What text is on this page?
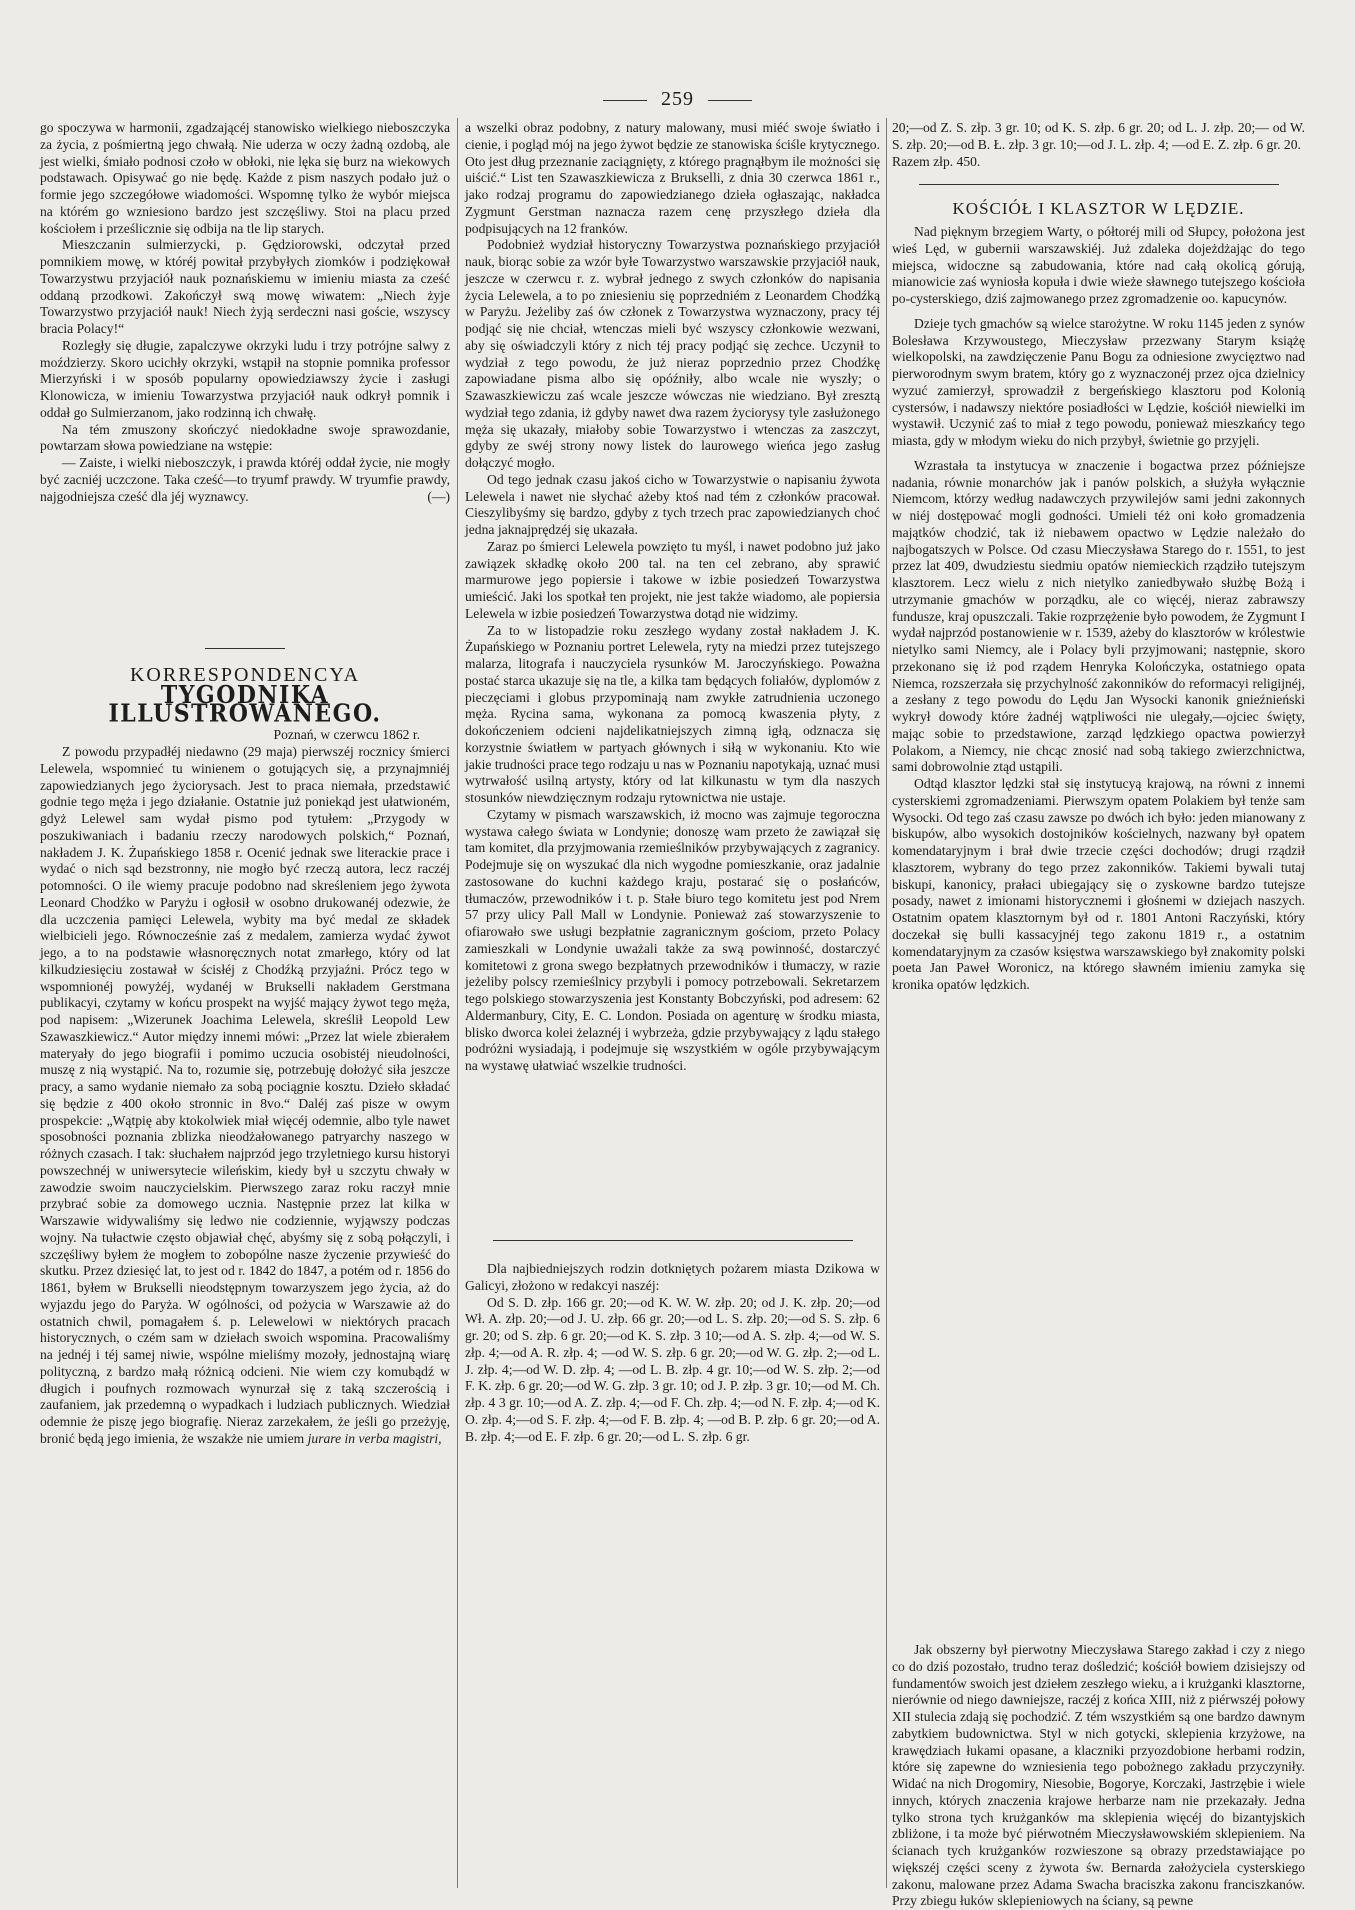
259

go spoczywa w harmonii, zgadzającéj stanowisko wielkiego nieboszczyka za życia, z pośmiertną jego chwałą. Nie uderza w oczy żadną ozdobą, ale jest wielki, śmiało podnosi czoło w obłoki, nie lęka się burz na wiekowych podstawach. Opisywać go nie będę. Każde z pism naszych podało już o formie jego szczegółowe wiadomości. Wspomnę tylko że wybór miejsca na którém go wzniesiono bardzo jest szczęśliwy. Stoi na placu przed kościołem i prześlicznie się odbija na tle lip starych.

Mieszczanin sulmierzycki, p. Gędziorowski, odczytał przed pomnikiem mowę, w któréj powitał przybyłych ziomków i podziękował Towarzystwu przyjaciół nauk poznańskiemu w imieniu miasta za cześć oddaną przodkowi. Zakończył swą mowę wiwatem: „Niech żyje Towarzystwo przyjaciół nauk! Niech żyją serdeczni nasi goście, wszyscy bracia Polacy!“

Rozległy się długie, zapalczywe okrzyki ludu i trzy potrójne salwy z moździerzy. Skoro ucichły okrzyki, wstąpił na stopnie pomnika professor Mierzyński i w sposób popularny opowiedziawszy życie i zasługi Klonowicza, w imieniu Towarzystwa przyjaciół nauk odkrył pomnik i oddał go Sulmierzanom, jako rodzinną ich chwałę.

Na tém zmuszony skończyć niedokładne swoje sprawozdanie, powtarzam słowa powiedziane na wstępie:

— Zaiste, i wielki nieboszczyk, i prawda któréj oddał życie, nie mogły być zacniéj uczczone. Taka cześć—to tryumf prawdy. W tryumfie prawdy, najgodniejsza cześć dla jéj wyznawcy.	(—)

KORRESPONDENCYA
TYGODNIKA ILLUSTROWANEGO.
Poznań, w czerwcu 1862 r.

Z powodu przypadłéj niedawno (29 maja) pierwszéj rocznicy śmierci Lelewela, wspomnieć tu winienem o gotujących się, a przynajmniéj zapowiedzianych jego życiorysach. Jest to praca niemała, przedstawić godnie tego męża i jego działanie. Ostatnie już poniekąd jest ułatwioném, gdyż Lelewel sam wydał pismo pod tytułem: „Przygody w poszukiwaniach i badaniu rzeczy narodowych polskich,“ Poznań, nakładem J. K. Żupańskiego 1858 r. Ocenić jednak swe literackie prace i wydać o nich sąd bezstronny, nie mogło być rzeczą autora, lecz raczéj potomności. O ile wiemy pracuje podobno nad skreśleniem jego żywota Leonard Chodźko w Paryżu i ogłosił w osobno drukowanéj odezwie, że dla uczczenia pamięci Lelewela, wybity ma być medal ze składek wielbicieli jego. Równocześnie zaś z medalem, zamierza wydać żywot jego, a to na podstawie własnoręcznych notat zmarłego, który od lat kilkudziesięciu zostawał w ścisłéj z Chodźką przyjaźni. Prócz tego w wspomnionéj powyżéj, wydanéj w Brukselli nakładem Gerstmana publikacyi, czytamy w końcu prospekt na wyjść mający żywot tego męża, pod napisem: „Wizerunek Joachima Lelewela, skreślił Leopold Lew Szawaszkiewicz.“ Autor między innemi mówi: „Przez lat wiele zbierałem materyały do jego biografii i pomimo uczucia osobistéj nieudolności, muszę z nią wystąpić. Na to, rozumie się, potrzebuję dołożyć siła jeszcze pracy, a samo wydanie niemało za sobą pociągnie kosztu. Dzieło składać się będzie z 400 około stronnic in 8vo.“ Daléj zaś pisze w owym prospekcie: „Wątpię aby ktokolwiek miał więcéj odemnie, albo tyle nawet sposobności poznania zblizka nieodżałowanego patryarchy naszego w różnych czasach. I tak: słuchałem najprzód jego trzyletniego kursu historyi powszechnéj w uniwersytecie wileńskim, kiedy był u szczytu chwały w zawodzie swoim nauczycielskim. Pierwszego zaraz roku raczył mnie przybrać sobie za domowego ucznia. Następnie przez lat kilka w Warszawie widywaliśmy się ledwo nie codziennie, wyjąwszy podczas wojny. Na tułactwie często objawiał chęć, abyśmy się z sobą połączyli, i szczęśliwy byłem że mogłem to zobopólne nasze życzenie przywieść do skutku. Przez dziesięć lat, to jest od r. 1842 do 1847, a potém od r. 1856 do 1861, byłem w Brukselli nieodstępnym towarzyszem jego życia, aż do wyjazdu jego do Paryża. W ogólności, od pożycia w Warszawie aż do ostatnich chwil, pomagałem ś. p. Lelewelowi w niektórych pracach historycznych, o czém sam w dziełach swoich wspomina. Pracowaliśmy na jednéj i téj samej niwie, wspólne mieliśmy mozoły, jednostajną wiarę polityczną, z bardzo małą różnicą odcieni. Nie wiem czy komubądź w długich i poufnych rozmowach wynurzał się z taką szczerością i zaufaniem, jak przedemną o wypadkach i ludziach publicznych. Wiedział odemnie że piszę jego biografię. Nieraz zarzekałem, że jeśli go przeżyję, bronić będą jego imienia, że wszakże nie umiem jurare in verba magistri,

a wszelki obraz podobny, z natury malowany, musi miéć swoje światło i cienie, i pogląd mój na jego żywot będzie ze stanowiska ściśle krytycznego. Oto jest dług przeznanie zaciągnięty, z którego pragnąłbym ile możności się uiścić.“ List ten Szawaszkiewicza z Brukselli, z dnia 30 czerwca 1861 r., jako rodzaj programu do zapowiedzianego dzieła ogłaszając, nakładca Zygmunt Gerstman naznacza razem cenę przyszłego dzieła dla podpisujących na 12 franków.

Podobnież wydział historyczny Towarzystwa poznańskiego przyjaciół nauk, biorąc sobie za wzór byłe Towarzystwo warszawskie przyjaciół nauk, jeszcze w czerwcu r. z. wybrał jednego z swych członków do napisania życia Lelewela, a to po zniesieniu się poprzedniém z Leonardem Chodźką w Paryżu. Jeżeliby zaś ów członek z Towarzystwa wyznaczony, pracy téj podjąć się nie chciał, wtenczas mieli być wszyscy członkowie wezwani, aby się oświadczyli który z nich téj pracy podjąć się zechce. Uczynił to wydział z tego powodu, że już nieraz poprzednio przez Chodźkę zapowiadane pisma albo się opóźniły, albo wcale nie wyszły; o Szawaszkiewiczu zaś wcale jeszcze wówczas nie wiedziano. Był zresztą wydział tego zdania, iż gdyby nawet dwa razem życiorysy tyle zasłużonego męża się ukazały, miałoby sobie Towarzystwo i wtenczas za zaszczyt, gdyby ze swéj strony nowy listek do laurowego wieńca jego zasług dołączyć mogło.

Od tego jednak czasu jakoś cicho w Towarzystwie o napisaniu żywota Lelewela i nawet nie słychać ażeby ktoś nad tém z członków pracował. Cieszylibyśmy się bardzo, gdyby z tych trzech prac zapowiedzianych choć jedna jaknajprędzéj się ukazała.

Zaraz po śmierci Lelewela powzięto tu myśl, i nawet podobno już jako zawiązek składkę około 200 tal. na ten cel zebrano, aby sprawić marmurowe jego popiersie i takowe w izbie posiedzeń Towarzystwa umieścić. Jaki los spotkał ten projekt, nie jest także wiadomo, ale popiersia Lelewela w izbie posiedzeń Towarzystwa dotąd nie widzimy.

Za to w listopadzie roku zeszłego wydany został nakładem J. K. Żupańskiego w Poznaniu portret Lelewela, ryty na miedzi przez tutejszego malarza, litografa i nauczyciela rysunków M. Jaroczyńskiego. Poważna postać starca ukazuje się na tle, a kilka tam będących foliałów, dyplomów z pieczęciami i globus przypominają nam zwykłe zatrudnienia uczonego męża. Rycina sama, wykonana za pomocą kwaszenia płyty, z dokończeniem odcieni najdelikatniejszych zimną igłą, odznacza się korzystnie światłem w partyach głównych i siłą w wykonaniu. Kto wie jakie trudności prace tego rodzaju u nas w Poznaniu napotykają, uznać musi wytrwałość usilną artysty, który od lat kilkunastu w tym dla naszych stosunków niewdzięcznym rodzaju rytownictwa nie ustaje.

Czytamy w pismach warszawskich, iż mocno was zajmuje tegoroczna wystawa całego świata w Londynie; donoszę wam przeto że zawiązał się tam komitet, dla przyjmowania rzemieślników przybywających z zagranicy. Podejmuje się on wyszukać dla nich wygodne pomieszkanie, oraz jadalnie zastosowane do kuchni każdego kraju, postarać się o posłańców, tłumaczów, przewodników i t. p. Stałe biuro tego komitetu jest pod Nrem 57 przy ulicy Pall Mall w Londynie. Ponieważ zaś stowarzyszenie to ofiarowało swe usługi bezpłatnie zagranicznym gościom, przeto Polacy zamieszkali w Londynie uważali także za swą powinność, dostarczyć komitetowi z grona swego bezpłatnych przewodników i tłumaczy, w razie jeżeliby polscy rzemieślnicy przybyli i pomocy potrzebowali. Sekretarzem tego polskiego stowarzyszenia jest Konstanty Bobczyński, pod adresem: 62 Aldermanbury, City, E. C. London. Posiada on agenturę w środku miasta, blisko dworca kolei żelaznéj i wybrzeża, gdzie przybywający z lądu stałego podróżni wysiadają, i podejmuje się wszystkiém w ogóle przybywającym na wystawę ułatwiać wszelkie trudności.

Dla najbiedniejszych rodzin dotkniętych pożarem miasta Dzikowa w Galicyi, złożono w redakcyi naszéj:

Od S. D. złp. 166 gr. 20;—od K. W. W. złp. 20; od J. K. złp. 20;—od Wł. A. złp. 20;—od J. U. złp. 66 gr. 20;—od L. S. złp. 20;—od S. S. złp. 6 gr. 20; od S. złp. 6 gr. 20;—od K. S. złp. 3 10;—od A. S. złp. 4;—od W. S. złp. 4;—od A. R. złp. 4; —od W. S. złp. 6 gr. 20;—od W. G. złp. 2;—od L. J. złp. 4;—od W. D. złp. 4; —od L. B. złp. 4 gr. 10;—od W. S. złp. 2;—od F. K. złp. 6 gr. 20;—od W. G. złp. 3 gr. 10; od J. P. złp. 3 gr. 10;—od M. Ch. złp. 4 3 gr. 10;—od A. Z. złp. 4;—od F. Ch. złp. 4;—od N. F. złp. 4;—od K. O. złp. 4;—od S. F. złp. 4;—od F. B. złp. 4; —od B. P. złp. 6 gr. 20;—od A. B. złp. 4;—od E. F. złp. 6 gr. 20;—od L. S. złp. 6 gr.

20;—od Z. S. złp. 3 gr. 10; od K. S. złp. 6 gr. 20; od L. J. złp. 20;— od W. S. złp. 20;—od B. Ł. złp. 3 gr. 10;—od J. L. złp. 4; —od E. Z. złp. 6 gr. 20.

Razem złp. 450.

KOŚCIÓŁ I KLASZTOR W LĘDZIE.

Nad pięknym brzegiem Warty, o półtoréj mili od Słupcy, położona jest wieś Lęd, w gubernii warszawskiéj. Już zdaleka dojeżdżając do tego miejsca, widoczne są zabudowania, które nad całą okolicą górują, mianowicie zaś wyniosła kopuła i dwie wieże sławnego tutejszego kościoła po-cysterskiego, dziś zajmowanego przez zgromadzenie oo. kapucynów.

Dzieje tych gmachów są wielce starożytne. W roku 1145 jeden z synów Bolesława Krzywoustego, Mieczysław przezwany Starym książę wielkopolski, na zawdzięczenie Panu Bogu za odniesione zwycięztwo nad pierworodnym swym bratem, który go z wyznaczonéj przez ojca dzielnicy wyzuć zamierzył, sprowadził z bergeńskiego klasztoru pod Kolonią cystersów, i nadawszy niektóre posiadłości w Lędzie, kościół niewielki im wystawił. Uczynić zaś to miał z tego powodu, ponieważ mieszkańcy tego miasta, gdy w młodym wieku do nich przybył, świetnie go przyjęli.

Wzrastała ta instytucya w znaczenie i bogactwa przez późniejsze nadania, równie monarchów jak i panów polskich, a służyła wyłącznie Niemcom, którzy według nadawczych przywilejów sami jedni zakonnych w niéj dostępować mogli godności. Umieli téż oni koło gromadzenia majątków chodzić, tak iż niebawem opactwo w Lędzie należało do najbogatszych w Polsce. Od czasu Mieczysława Starego do r. 1551, to jest przez lat 409, dwudziestu siedmiu opatów niemieckich rządziło tutejszym klasztorem. Lecz wielu z nich nietylko zaniedbywało służbę Bożą i utrzymanie gmachów w porządku, ale co więcéj, nieraz zabrawszy fundusze, kraj opuszczali. Takie rozprzężenie było powodem, że Zygmunt I wydał najprzód postanowienie w r. 1539, ażeby do klasztorów w królestwie nietylko sami Niemcy, ale i Polacy byli przyjmowani; następnie, skoro przekonano się iż pod rządem Henryka Kolończyka, ostatniego opata Niemca, rozszerzała się przychylność zakonników do reformacyi religijnéj, a zesłany z tego powodu do Lędu Jan Wysocki kanonik gnieźnieński wykrył dowody które żadnéj wątpliwości nie ulegały,—ojciec święty, mając sobie to przedstawione, zarząd lędzkiego opactwa powierzył Polakom, a Niemcy, nie chcąc znosić nad sobą takiego zwierzchnictwa, sami dobrowolnie ztąd ustąpili.

Odtąd klasztor lędzki stał się instytucyą krajową, na równi z innemi cysterskiemi zgromadzeniami. Pierwszym opatem Polakiem był tenże sam Wysocki. Od tego zaś czasu zawsze po dwóch ich było: jeden mianowany z biskupów, albo wysokich dostojników kościelnych, nazwany był opatem komendataryjnym i brał dwie trzecie części dochodów; drugi rządził klasztorem, wybrany do tego przez zakonników. Takiemi bywali tutaj biskupi, kanonicy, prałaci ubiegający się o zyskowne bardzo tutejsze posady, nawet z imionami historycznemi i głośnemi w dziejach naszych. Ostatnim opatem klasztornym był od r. 1801 Antoni Raczyński, który doczekał się bulli kassacyjnéj tego zakonu 1819 r., a ostatnim komendataryjnym za czasów księstwa warszawskiego był znakomity polski poeta Jan Paweł Woronicz, na którego sławném imieniu zamyka się kronika opatów lędzkich.

Jak obszerny był pierwotny Mieczysława Starego zakład i czy z niego co do dziś pozostało, trudno teraz dośledzić; kościół bowiem dzisiejszy od fundamentów swoich jest dziełem zeszłego wieku, a i krużganki klasztorne, nierównie od niego dawniejsze, raczéj z końca XIII, niż z piérwszéj połowy XII stulecia zdają się pochodzić. Z tém wszystkiém są one bardzo dawnym zabytkiem budownictwa. Styl w nich gotycki, sklepienia krzyżowe, na krawędziach łukami opasane, a klaczniki przyozdobione herbami rodzin, które się zapewne do wzniesienia tego pobożnego zakładu przyczyniły. Widać na nich Drogomiry, Niesobie, Bogorye, Korczaki, Jastrzębie i wiele innych, których znaczenia krajowe herbarze nam nie przekazały. Jedna tylko strona tych krużganków ma sklepienia więcéj do bizantyjskich zbliżone, i ta może być piérwotném Mieczysławowskiém sklepieniem. Na ścianach tych krużganków rozwieszone są obrazy przedstawiające po większéj części sceny z żywota św. Bernarda założyciela cysterskiego zakonu, malowane przez Adama Swacha braciszka zakonu franciszkanów. Przy zbiegu łuków sklepieniowych na ściany, są pewne
